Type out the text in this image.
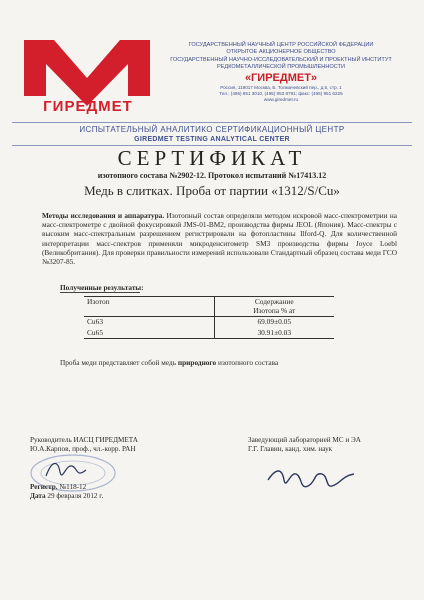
ГИРЕДМЕТ
ГОСУДАРСТВЕННЫЙ НАУЧНЫЙ ЦЕНТР РОССИЙСКОЙ ФЕДЕРАЦИИ
ОТКРЫТОЕ АКЦИОНЕРНОЕ ОБЩЕСТВО
ГОСУДАРСТВЕННЫЙ НАУЧНО-ИССЛЕДОВАТЕЛЬСКИЙ И ПРОЕКТНЫЙ ИНСТИТУТ
РЕДКОМЕТАЛЛИЧЕСКОЙ ПРОМЫШЛЕННОСТИ
«ГИРЕДМЕТ»
Россия, 119017 Москва, Б. Толмачевский пер., д.5, стр. 1
Тел.: (495) 951 3010, (495) 953 8791; факс: (495) 951 6225
www.giredmet.ru
ИСПЫТАТЕЛЬНЫЙ АНАЛИТИКО СЕРТИФИКАЦИОННЫЙ ЦЕНТР
GIREDMET TESTING ANALYTICAL CENTER
СЕРТИФИКАТ
изотопного состава №2902-12. Протокол испытаний №17413.12
Медь в слитках. Проба от партии «1312/S/Cu»
Методы исследования и аппаратура. Изотопный состав определяли методом искровой масс-спектрометрии на масс-спектрометре с двойной фокусировкой JMS-01-BM2, производства фирмы JEOL (Япония). Масс-спектры с высоким масс-спектральным разрешением регистрировали на фотопластины Ilford-Q. Для количественной интерпретации масс-спектров применяли микроденситометр SM3 производства фирмы Joyce Loebl (Великобритания). Для проверки правильности измерений использовали Стандартный образец состава меди ГСО №3207-85.
Полученные результаты:
Изотоп	Содержание
Изотопа % ат

Cu63	69.09±0.05
Cu65	30.91±0.03
Проба меди представляет собой медь природного изотопного состава
Руководитель ИАСЦ ГИРЕДМЕТА
Ю.А.Карпов, проф., чл.-корр. РАН
Заведующий лабораторией МС и ЭА
Г.Г. Главин, канд. хим. наук
Регистр. №118-12
Дата 29 февраля 2012 г.
